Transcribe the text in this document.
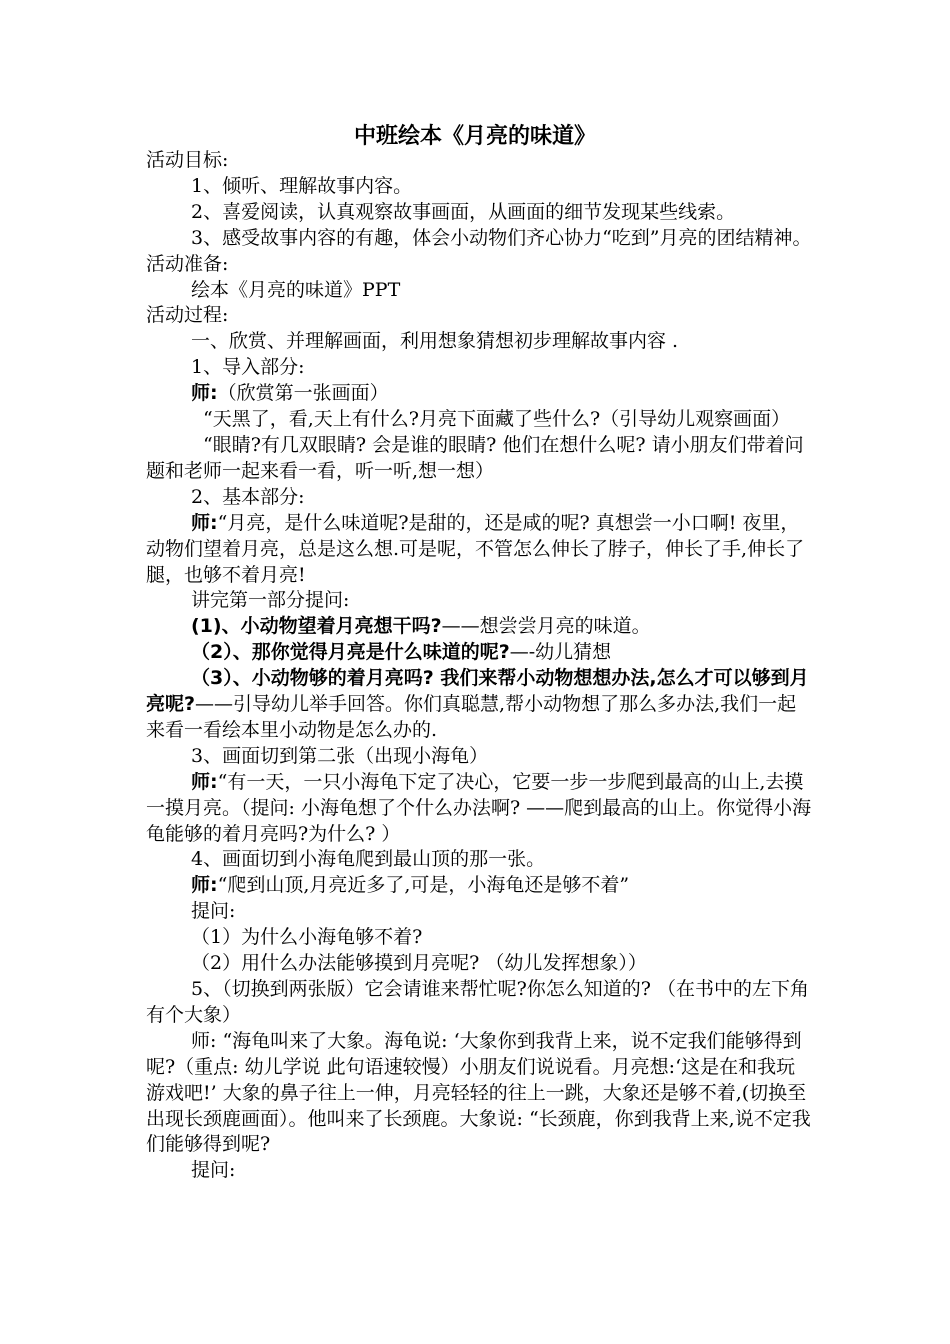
中班绘本《月亮的味道》

活动目标:

1、倾听、理解故事内容。

2、喜爱阅读，认真观察故事画面，从画面的细节发现某些线索。

3、感受故事内容的有趣，体会小动物们齐心协力“吃到”月亮的团结精神。

活动准备:

绘本《月亮的味道》PPT

活动过程:

一、欣赏、并理解画面，利用想象猜想初步理解故事内容 .

1、导入部分:

师:（欣赏第一张画面）

“天黑了，看,天上有什么?月亮下面藏了些什么?（引导幼儿观察画面）

“眼睛?有几双眼睛? 会是谁的眼睛? 他们在想什么呢? 请小朋友们带着问题和老师一起来看一看，听一听,想一想）

2、基本部分:

师:“月亮，是什么味道呢?是甜的，还是咸的呢? 真想尝一小口啊! 夜里，动物们望着月亮，总是这么想.可是呢，不管怎么伸长了脖子，伸长了手,伸长了腿，也够不着月亮!

讲完第一部分提问:

(1)、小动物望着月亮想干吗?——想尝尝月亮的味道。

（2）、那你觉得月亮是什么味道的呢?—-幼儿猜想

（3）、小动物够的着月亮吗? 我们来帮小动物想想办法,怎么才可以够到月亮呢?——引导幼儿举手回答。你们真聪慧,帮小动物想了那么多办法,我们一起来看一看绘本里小动物是怎么办的.

3、画面切到第二张（出现小海龟）

师:“有一天，一只小海龟下定了决心，它要一步一步爬到最高的山上,去摸一摸月亮。（提问: 小海龟想了个什么办法啊? ——爬到最高的山上。你觉得小海龟能够的着月亮吗?为什么? ）

4、画面切到小海龟爬到最山顶的那一张。

师:“爬到山顶,月亮近多了,可是，小海龟还是够不着”

提问:

（1）为什么小海龟够不着?

（2）用什么办法能够摸到月亮呢? （幼儿发挥想象））

5、（切换到两张版）它会请谁来帮忙呢?你怎么知道的? （在书中的左下角有个大象）

师: “海龟叫来了大象。海龟说: ‘大象你到我背上来，说不定我们能够得到呢?（重点: 幼儿学说 此句语速较慢）小朋友们说说看。月亮想:‘这是在和我玩游戏吧!’ 大象的鼻子往上一伸，月亮轻轻的往上一跳，大象还是够不着,(切换至出现长颈鹿画面）。他叫来了长颈鹿。大象说: “长颈鹿，你到我背上来,说不定我们能够得到呢?

提问:
